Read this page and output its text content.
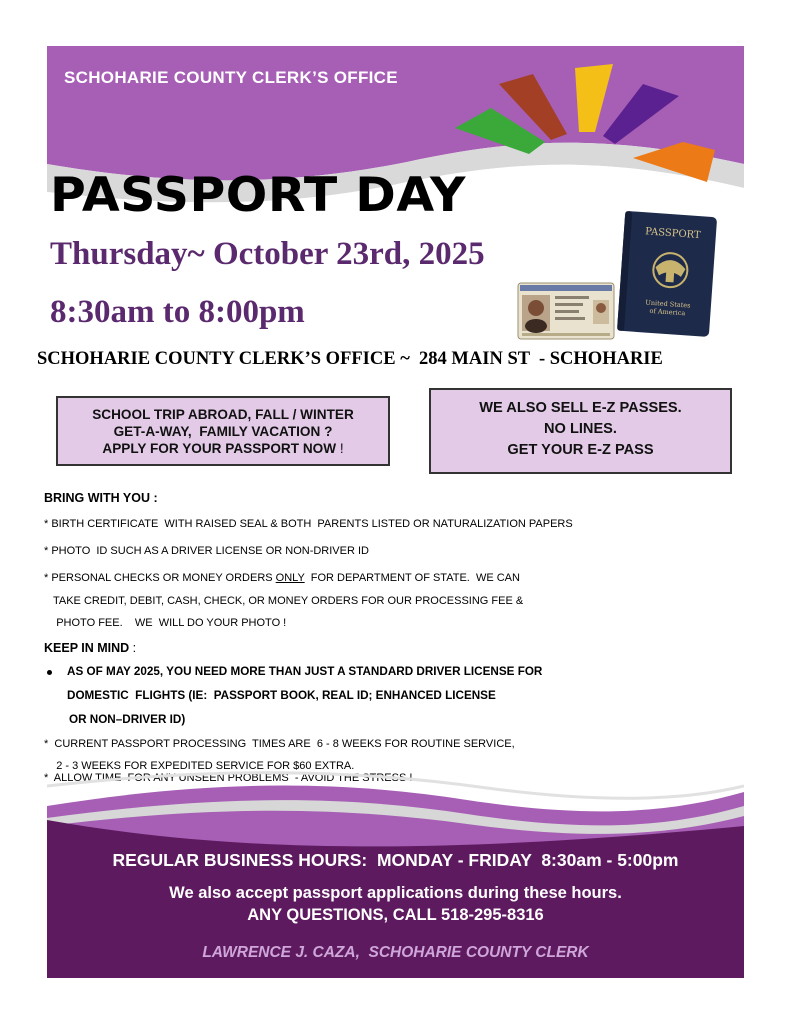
SCHOHARIE COUNTY CLERK’S OFFICE

PASSPORT DAY

Thursday~ October 23rd, 2025

8:30am to 8:00pm

PASSPORT
United States
of America

SCHOHARIE COUNTY CLERK’S OFFICE ~  284 MAIN ST  - SCHOHARIE

SCHOOL TRIP ABROAD, FALL / WINTER
GET-A-WAY,  FAMILY VACATION ?
APPLY FOR YOUR PASSPORT NOW !
WE ALSO SELL E-Z PASSES.
NO LINES.
GET YOUR E-Z PASS

BRING WITH YOU :

* BIRTH CERTIFICATE  WITH RAISED SEAL & BOTH  PARENTS LISTED OR NATURALIZATION PAPERS

* PHOTO  ID SUCH AS A DRIVER LICENSE OR NON-DRIVER ID

* PERSONAL CHECKS OR MONEY ORDERS ONLY  FOR DEPARTMENT OF STATE.  WE CAN

TAKE CREDIT, DEBIT, CASH, CHECK, OR MONEY ORDERS FOR OUR PROCESSING FEE &

PHOTO FEE.    WE  WILL DO YOUR PHOTO !

KEEP IN MIND :

AS OF MAY 2025, YOU NEED MORE THAN JUST A STANDARD DRIVER LICENSE FOR

DOMESTIC  FLIGHTS (IE:  PASSPORT BOOK, REAL ID; ENHANCED LICENSE

OR NON–DRIVER ID)

*  CURRENT PASSPORT PROCESSING  TIMES ARE  6 - 8 WEEKS FOR ROUTINE SERVICE,

2 - 3 WEEKS FOR EXPEDITED SERVICE FOR $60 EXTRA.

*  ALLOW TIME  FOR ANY UNSEEN PROBLEMS  - AVOID THE STRESS !

REGULAR BUSINESS HOURS:  MONDAY - FRIDAY  8:30am - 5:00pm

We also accept passport applications during these hours.

ANY QUESTIONS, CALL 518-295-8316

LAWRENCE J. CAZA,  SCHOHARIE COUNTY CLERK
